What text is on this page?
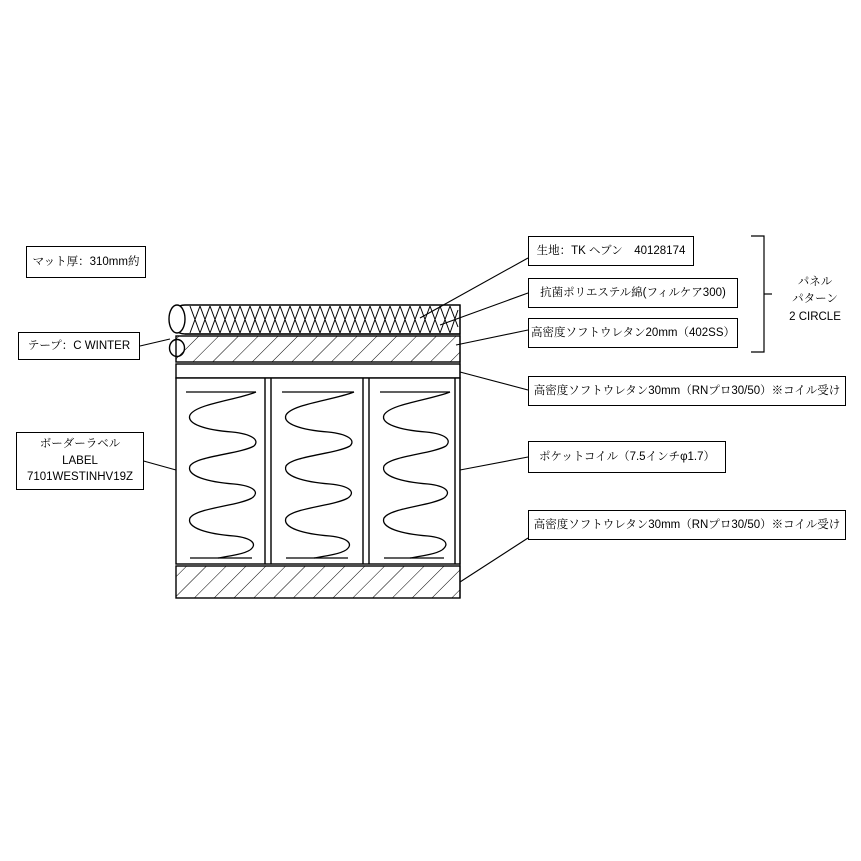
マット厚：310mm約
テープ：C WINTER
ボーダーラベル
LABEL
7101WESTINHV19Z
生地：TK ヘブン　40128174
抗菌ポリエステル綿(フィルケア300)
高密度ソフトウレタン20mm（402SS）
高密度ソフトウレタン30mm（RNプロ30/50）※コイル受け
ポケットコイル（7.5インチφ1.7）
高密度ソフトウレタン30mm（RNプロ30/50）※コイル受け
パネル
パターン
2 CIRCLE
